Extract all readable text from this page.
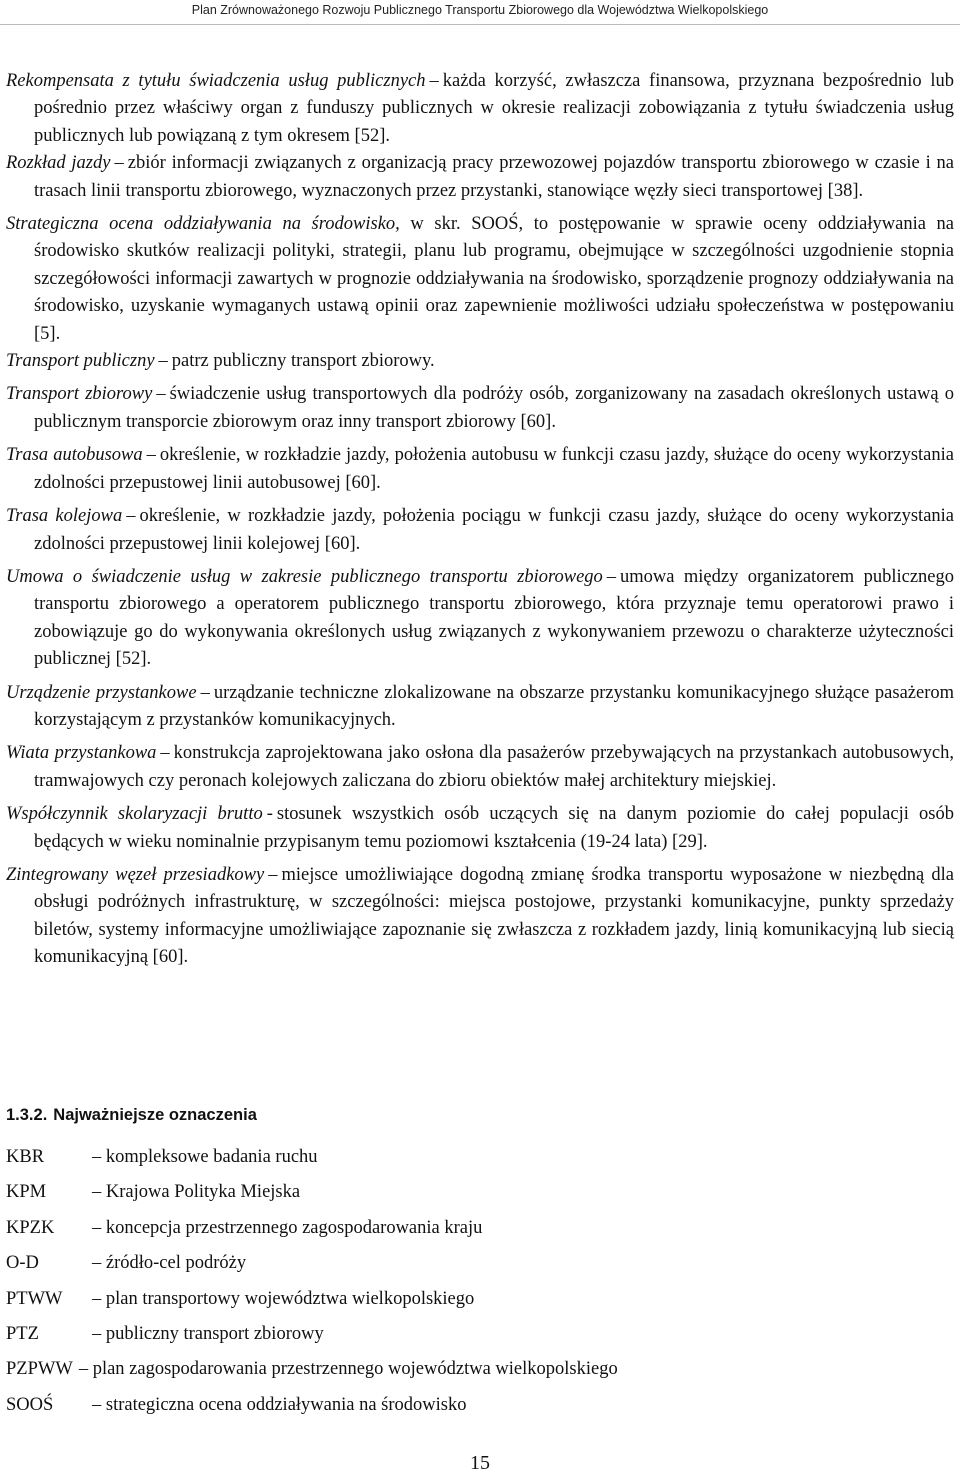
Plan Zrównoważonego Rozwoju Publicznego Transportu Zbiorowego dla Województwa Wielkopolskiego

Rekompensata z tytułu świadczenia usług publicznych – każda korzyść, zwłaszcza finansowa, przyznana bezpośrednio lub pośrednio przez właściwy organ z funduszy publicznych w okresie realizacji zobowiązania z tytułu świadczenia usług publicznych lub powiązaną z tym okresem [52].

Rozkład jazdy – zbiór informacji związanych z organizacją pracy przewozowej pojazdów transportu zbiorowego w czasie i na trasach linii transportu zbiorowego, wyznaczonych przez przystanki, stanowiące węzły sieci transportowej [38].

Strategiczna ocena oddziaływania na środowisko, w skr. SOOŚ, to postępowanie w sprawie oceny oddziaływania na środowisko skutków realizacji polityki, strategii, planu lub programu, obejmujące w szczególności uzgodnienie stopnia szczegółowości informacji zawartych w prognozie oddziaływania na środowisko, sporządzenie prognozy oddziaływania na środowisko, uzyskanie wymaganych ustawą opinii oraz zapewnienie możliwości udziału społeczeństwa w postępowaniu [5].

Transport publiczny – patrz publiczny transport zbiorowy.

Transport zbiorowy – świadczenie usług transportowych dla podróży osób, zorganizowany na zasadach określonych ustawą o publicznym transporcie zbiorowym oraz inny transport zbiorowy [60].

Trasa autobusowa – określenie, w rozkładzie jazdy, położenia autobusu w funkcji czasu jazdy, służące do oceny wykorzystania zdolności przepustowej linii autobusowej [60].

Trasa kolejowa – określenie, w rozkładzie jazdy, położenia pociągu w funkcji czasu jazdy, służące do oceny wykorzystania zdolności przepustowej linii kolejowej [60].

Umowa o świadczenie usług w zakresie publicznego transportu zbiorowego – umowa między organizatorem publicznego transportu zbiorowego a operatorem publicznego transportu zbiorowego, która przyznaje temu operatorowi prawo i zobowiązuje go do wykonywania określonych usług związanych z wykonywaniem przewozu o charakterze użyteczności publicznej [52].

Urządzenie przystankowe – urządzanie techniczne zlokalizowane na obszarze przystanku komunikacyjnego służące pasażerom korzystającym z przystanków komunikacyjnych.

Wiata przystankowa – konstrukcja zaprojektowana jako osłona dla pasażerów przebywających na przystankach autobusowych, tramwajowych czy peronach kolejowych zaliczana do zbioru obiektów małej architektury miejskiej.

Współczynnik skolaryzacji brutto - stosunek wszystkich osób uczących się na danym poziomie do całej populacji osób będących w wieku nominalnie przypisanym temu poziomowi kształcenia (19-24 lata) [29].

Zintegrowany węzeł przesiadkowy – miejsce umożliwiające dogodną zmianę środka transportu wyposażone w niezbędną dla obsługi podróżnych infrastrukturę, w szczególności: miejsca postojowe, przystanki komunikacyjne, punkty sprzedaży biletów, systemy informacyjne umożliwiające zapoznanie się zwłaszcza z rozkładem jazdy, linią komunikacyjną lub siecią komunikacyjną [60].

1.3.2. Najważniejsze oznaczenia
KBR	– kompleksowe badania ruchu
KPM	– Krajowa Polityka Miejska
KPZK	– koncepcja przestrzennego zagospodarowania kraju
O-D	– źródło-cel podróży
PTWW	– plan transportowy województwa wielkopolskiego
PTZ	– publiczny transport zbiorowy
PZPWW – plan zagospodarowania przestrzennego województwa wielkopolskiego
SOOŚ	– strategiczna ocena oddziaływania na środowisko
15
